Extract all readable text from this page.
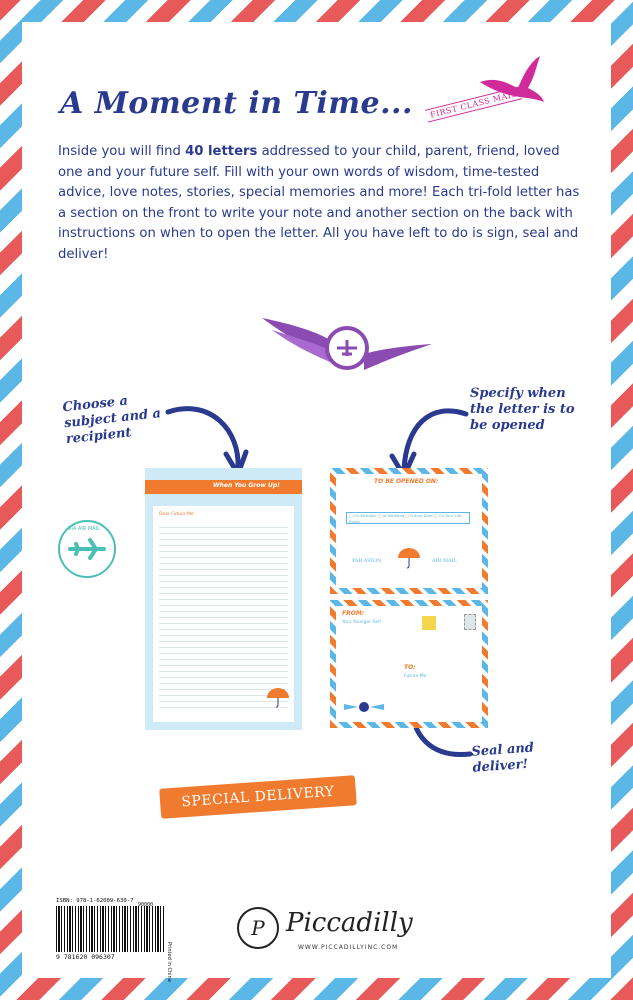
A Moment in Time...	FIRST CLASS MAIL
Inside you will find 40 letters addressed to your child, parent, friend, loved one and your future self. Fill with your own words of wisdom, time-tested advice, love notes, stories, special memories and more! Each tri-fold letter has a section on the front to write your note and another section on the back with instructions on when to open the letter. All you have left to do is sign, seal and deliver!
Choose a subject and a recipient
Specify when the letter is to be opened
Seal and deliver!
VIA AIR MAIL
When You Grow Up!
Dear Future Me
TO BE OPENED ON:
□ On Birthday □ At Wedding □ Future Date □ On Your Life Event
PAR AVION	AIR MAIL
FROM:
Your Younger Self
TO:
Future Me
SPECIAL DELIVERY
ISBN: 978-1-62009-630-7
90000
9 781620 096307	Printed in China
P Piccadilly
WWW.PICCADILLYINC.COM
